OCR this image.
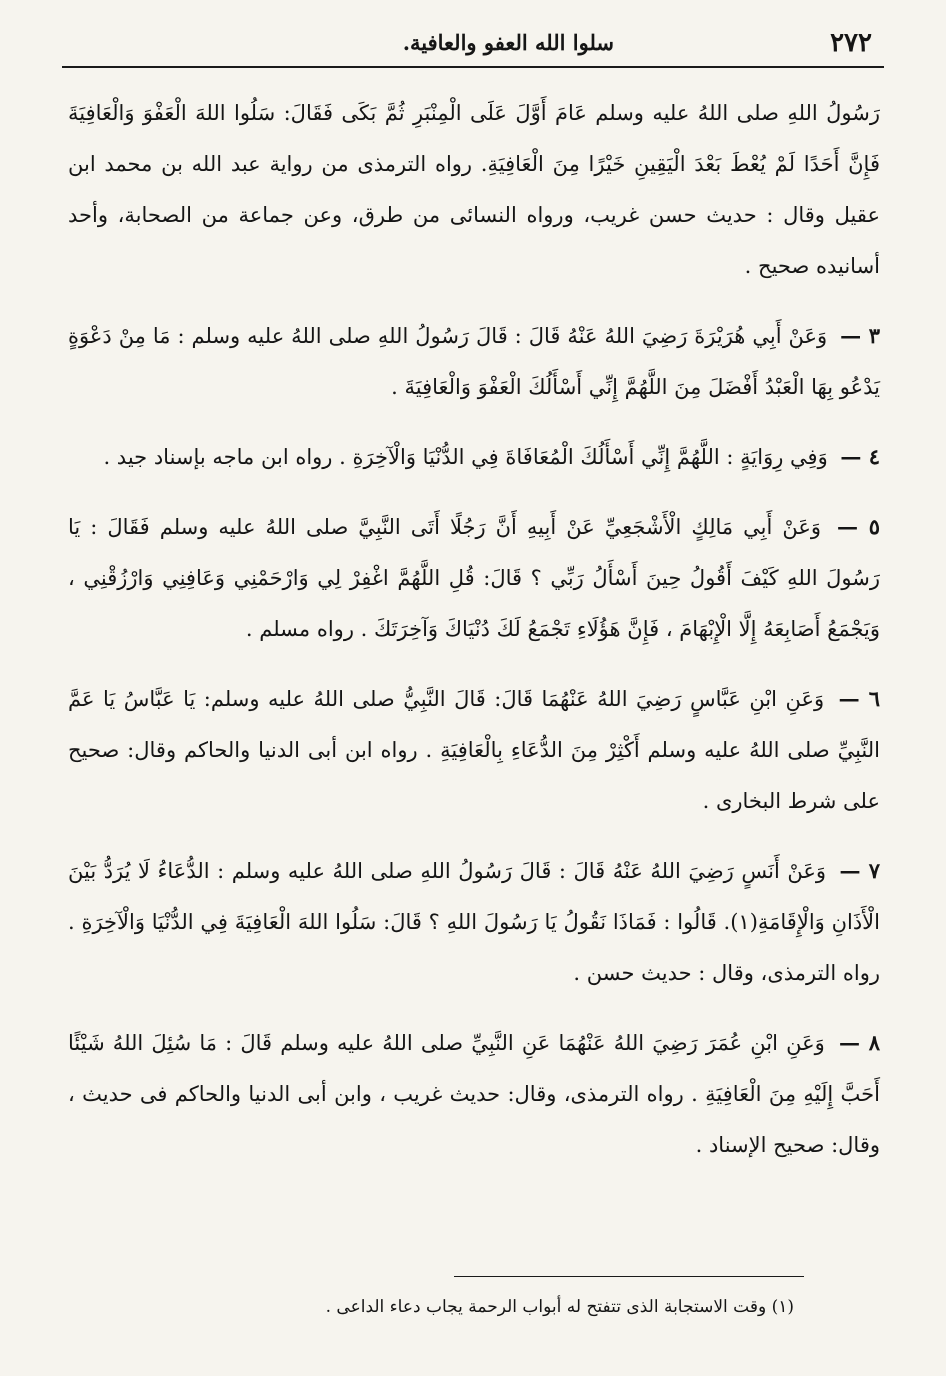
٢٧٢
سلوا الله العفو والعافية.

رَسُولُ اللهِ صلى اللهُ عليه وسلم عَامَ أَوَّلَ عَلَى الْمِنْبَرِ ثُمَّ بَكَى فَقَالَ: سَلُوا اللهَ الْعَفْوَ وَالْعَافِيَةَ فَإِنَّ أَحَدًا لَمْ يُعْطَ بَعْدَ الْيَقِينِ خَيْرًا مِنَ الْعَافِيَةِ. رواه الترمذى من رواية عبد الله بن محمد ابن عقيل وقال : حديث حسن غريب، ورواه النسائى من طرق، وعن جماعة من الصحابة، وأحد أسانيده صحيح .

٣ — وَعَنْ أَبِي هُرَيْرَةَ رَضِيَ اللهُ عَنْهُ قَالَ : قَالَ رَسُولُ اللهِ صلى اللهُ عليه وسلم : مَا مِنْ دَعْوَةٍ يَدْعُو بِهَا الْعَبْدُ أَفْضَلَ مِنَ اللَّهُمَّ إِنِّي أَسْأَلُكَ الْعَفْوَ وَالْعَافِيَةَ .

٤ — وَفِي رِوَايَةٍ : اللَّهُمَّ إِنِّي أَسْأَلُكَ الْمُعَافَاةَ فِي الدُّنْيَا وَالْآخِرَةِ . رواه ابن ماجه بإسناد جيد .

٥ — وَعَنْ أَبِي مَالِكٍ الْأَشْجَعِيِّ عَنْ أَبِيهِ أَنَّ رَجُلًا أَتَى النَّبِيَّ صلى اللهُ عليه وسلم فَقَالَ : يَا رَسُولَ اللهِ كَيْفَ أَقُولُ حِينَ أَسْأَلُ رَبِّي ؟ قَالَ: قُلِ اللَّهُمَّ اغْفِرْ لِي وَارْحَمْنِي وَعَافِنِي وَارْزُقْنِي ، وَيَجْمَعُ أَصَابِعَهُ إِلَّا الْإِبْهَامَ ، فَإِنَّ هَؤُلَاءِ تَجْمَعُ لَكَ دُنْيَاكَ وَآخِرَتَكَ . رواه مسلم .

٦ — وَعَنِ ابْنِ عَبَّاسٍ رَضِيَ اللهُ عَنْهُمَا قَالَ: قَالَ النَّبِيُّ صلى اللهُ عليه وسلم: يَا عَبَّاسُ يَا عَمَّ النَّبِيِّ صلى اللهُ عليه وسلم أَكْثِرْ مِنَ الدُّعَاءِ بِالْعَافِيَةِ . رواه ابن أبى الدنيا والحاكم وقال: صحيح على شرط البخارى .

٧ — وَعَنْ أَنَسٍ رَضِيَ اللهُ عَنْهُ قَالَ : قَالَ رَسُولُ اللهِ صلى اللهُ عليه وسلم : الدُّعَاءُ لَا يُرَدُّ بَيْنَ الْأَذَانِ وَالْإِقَامَةِ(١). قَالُوا : فَمَاذَا نَقُولُ يَا رَسُولَ اللهِ ؟ قَالَ: سَلُوا اللهَ الْعَافِيَةَ فِي الدُّنْيَا وَالْآخِرَةِ . رواه الترمذى، وقال : حديث حسن .

٨ — وَعَنِ ابْنِ عُمَرَ رَضِيَ اللهُ عَنْهُمَا عَنِ النَّبِيِّ صلى اللهُ عليه وسلم قَالَ : مَا سُئِلَ اللهُ شَيْئًا أَحَبَّ إِلَيْهِ مِنَ الْعَافِيَةِ . رواه الترمذى، وقال: حديث غريب ، وابن أبى الدنيا والحاكم فى حديث ، وقال: صحيح الإسناد .

(١) وقت الاستجابة الذى تتفتح له أبواب الرحمة يجاب دعاء الداعى .
